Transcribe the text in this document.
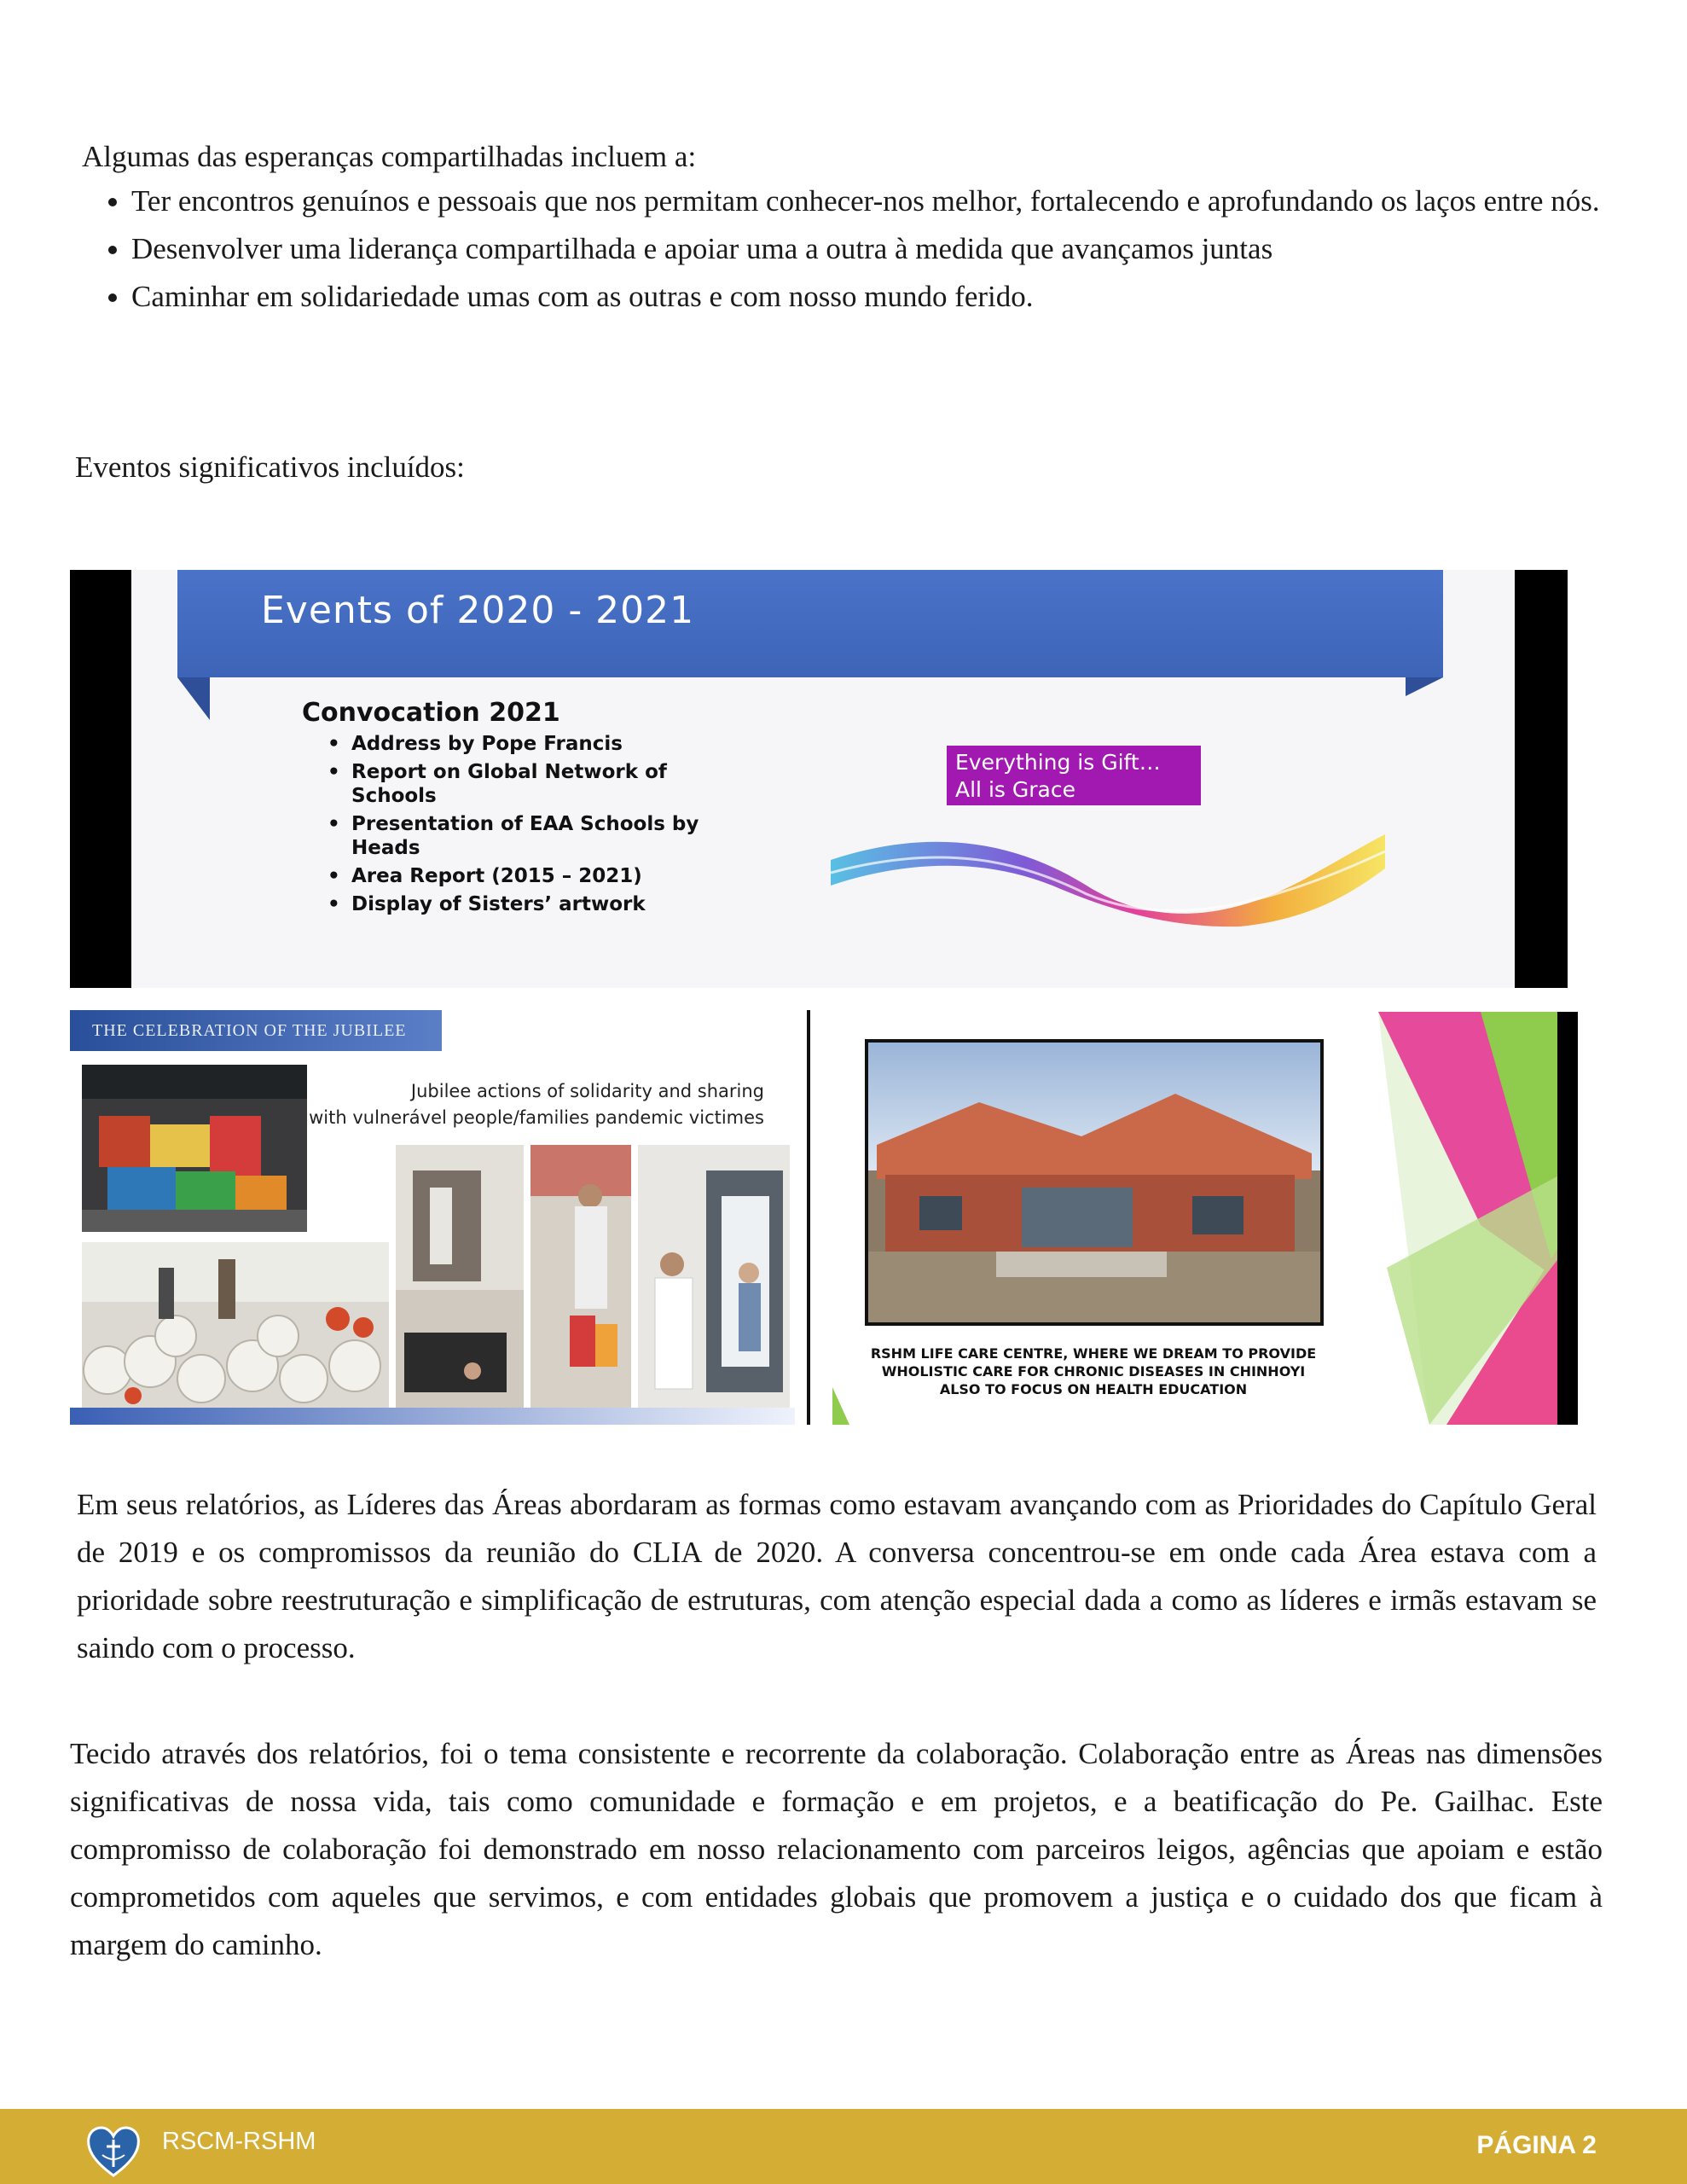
Algumas das esperanças compartilhadas incluem a:
• Ter encontros genuínos e pessoais que nos permitam conhecer-nos melhor, fortalecendo e aprofundando os laços entre nós.
• Desenvolver uma liderança compartilhada e apoiar uma a outra à medida que avançamos juntas
• Caminhar em solidariedade umas com as outras e com nosso mundo ferido.
Eventos significativos incluídos:
Events of 2020 - 2021
Convocation 2021
• Address by Pope Francis
• Report on Global Network of Schools
• Presentation of EAA Schools by Heads
• Area Report (2015 – 2021)
• Display of Sisters’ artwork
Everything is Gift…
All is Grace
THE CELEBRATION OF THE JUBILEE
Jubilee actions of solidarity and sharing
with vulnerável people/families pandemic victimes
RSHM LIFE CARE CENTRE, WHERE WE DREAM TO PROVIDE
WHOLISTIC CARE FOR CHRONIC DISEASES IN CHINHOYI
ALSO TO FOCUS ON HEALTH EDUCATION

Em seus relatórios, as Líderes das Áreas abordaram as formas como estavam avançando com as Prioridades do Capítulo Geral de 2019 e os compromissos da reunião do CLIA de 2020. A conversa concentrou-se em onde cada Área estava com a prioridade sobre reestruturação e simplificação de estruturas, com atenção especial dada a como as líderes e irmãs estavam se saindo com o processo.

Tecido através dos relatórios, foi o tema consistente e recorrente da colaboração. Colaboração entre as Áreas nas dimensões significativas de nossa vida, tais como comunidade e formação e em projetos, e a beatificação do Pe. Gailhac. Este compromisso de colaboração foi demonstrado em nosso relacionamento com parceiros leigos, agências que apoiam e estão comprometidos com aqueles que servimos, e com entidades globais que promovem a justiça e o cuidado dos que ficam à margem do caminho.

RSCM-RSHM	PÁGINA 2
